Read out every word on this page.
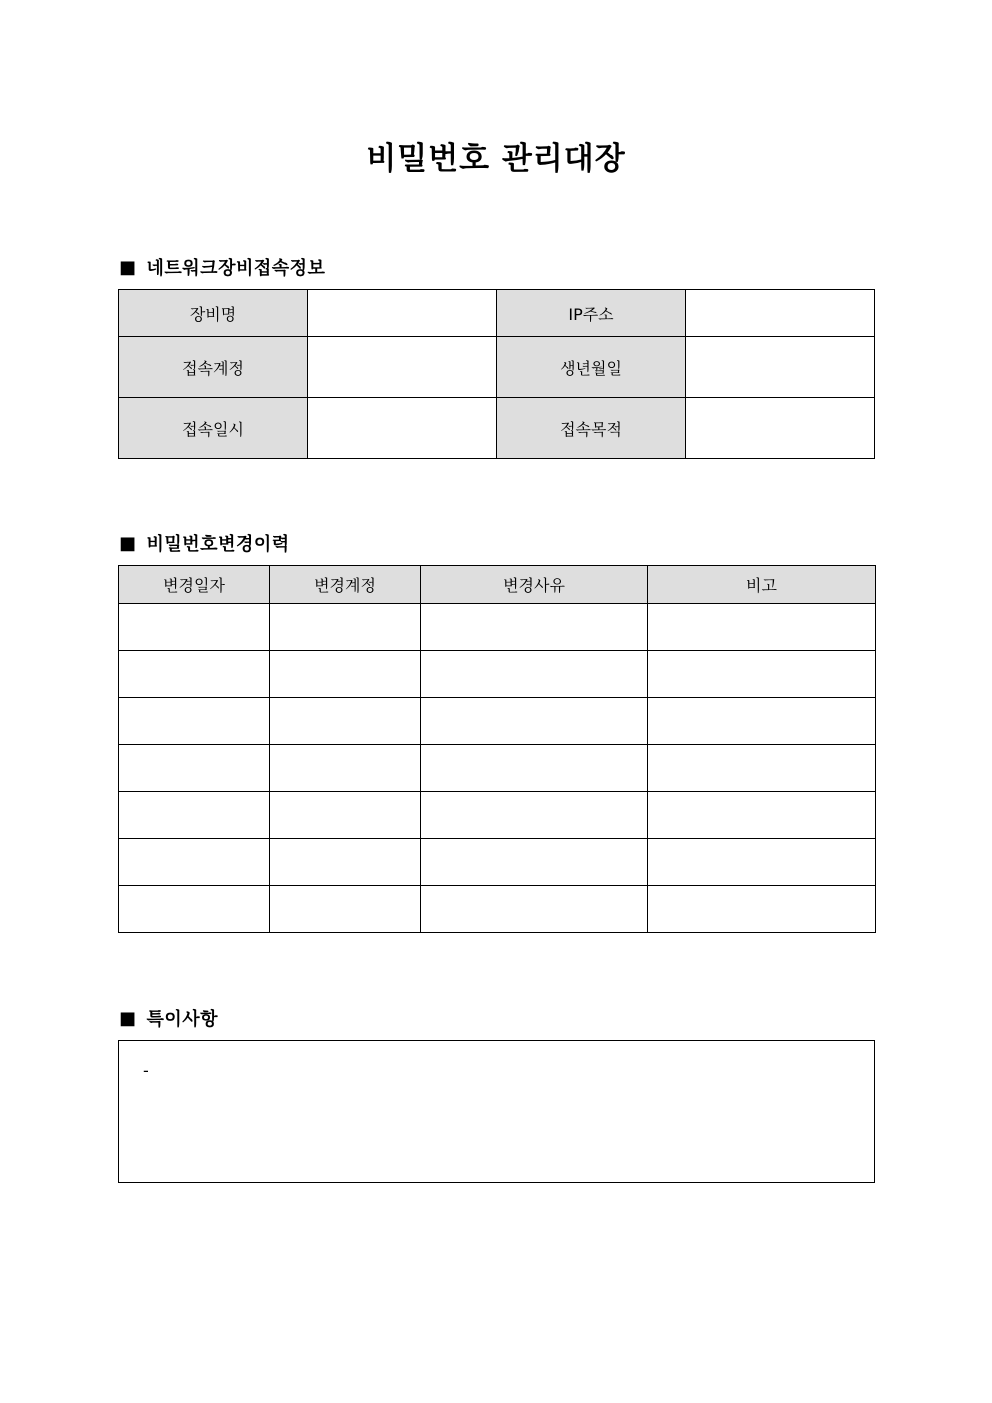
비밀번호 관리대장
■ 네트워크장비접속정보
장비명		IP주소	
접속계정		생년월일	
접속일시		접속목적	
■ 비밀번호변경이력
변경일자	변경계정	변경사유	비고

■ 특이사항
-
